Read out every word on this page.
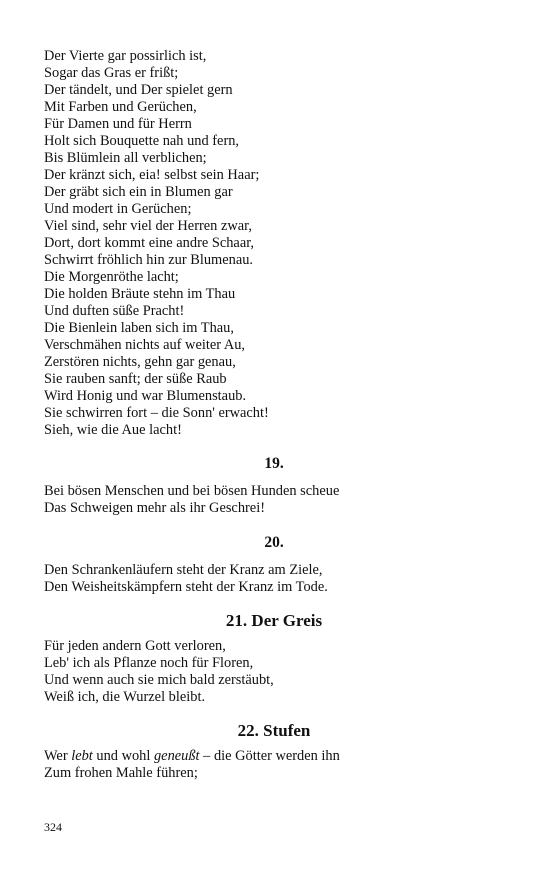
Der Vierte gar possirlich ist,
Sogar das Gras er frißt;
Der tändelt, und Der spielet gern
Mit Farben und Gerüchen,
Für Damen und für Herrn
Holt sich Bouquette nah und fern,
Bis Blümlein all verblichen;
Der kränzt sich, eia! selbst sein Haar;
Der gräbt sich ein in Blumen gar
Und modert in Gerüchen;
Viel sind, sehr viel der Herren zwar,
Dort, dort kommt eine andre Schaar,
Schwirrt fröhlich hin zur Blumenau.
Die Morgenröthe lacht;
Die holden Bräute stehn im Thau
Und duften süße Pracht!
Die Bienlein laben sich im Thau,
Verschmähen nichts auf weiter Au,
Zerstören nichts, gehn gar genau,
Sie rauben sanft; der süße Raub
Wird Honig und war Blumenstaub.
Sie schwirren fort – die Sonn' erwacht!
Sieh, wie die Aue lacht!
19.
Bei bösen Menschen und bei bösen Hunden scheue
Das Schweigen mehr als ihr Geschrei!
20.
Den Schrankenläufern steht der Kranz am Ziele,
Den Weisheitskämpfern steht der Kranz im Tode.
21. Der Greis
Für jeden andern Gott verloren,
Leb' ich als Pflanze noch für Floren,
Und wenn auch sie mich bald zerstäubt,
Weiß ich, die Wurzel bleibt.
22. Stufen
Wer lebt und wohl geneußt – die Götter werden ihn
Zum frohen Mahle führen;
324
